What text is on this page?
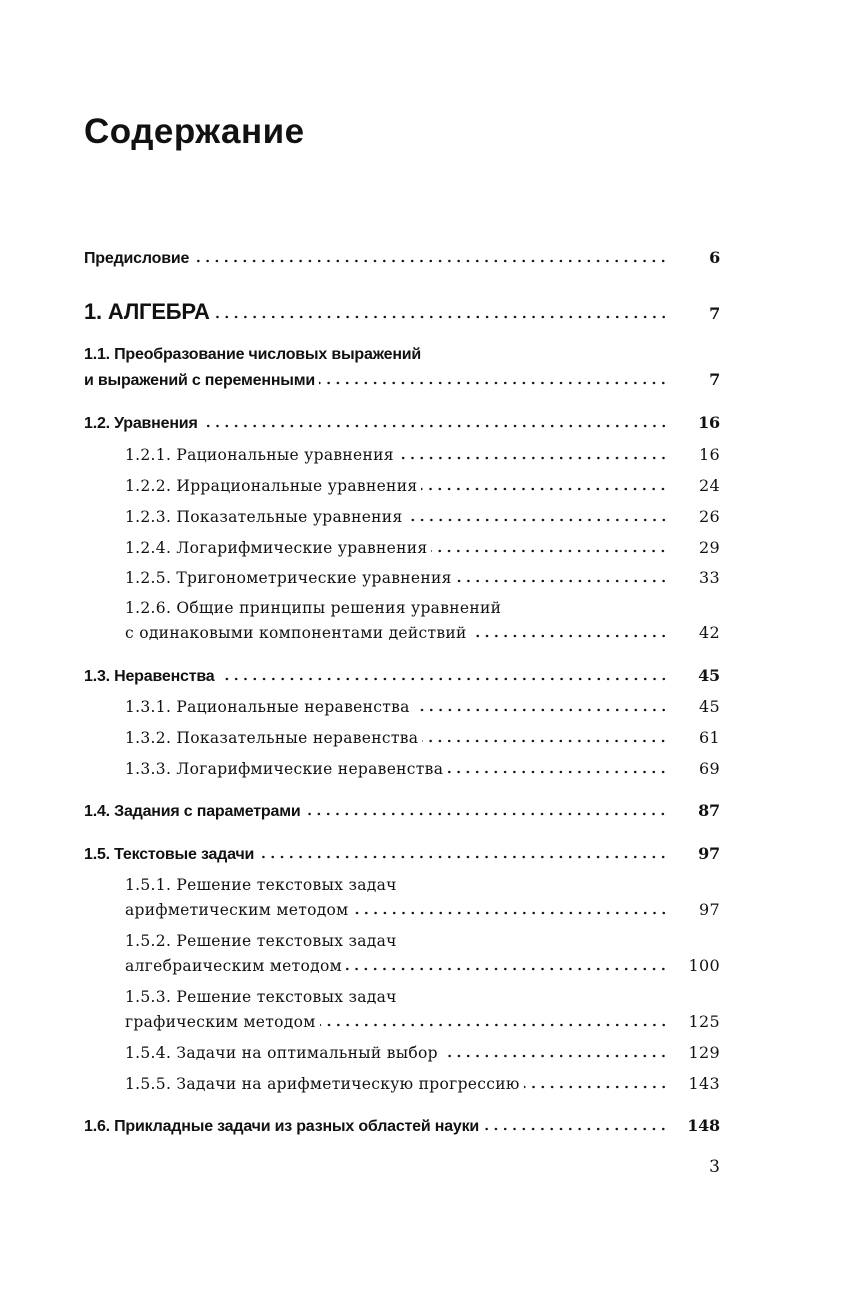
Содержание
Предисловие	6
1. АЛГЕБРА	7
1.1. Преобразование числовых выражений
и выражений с переменными	7
1.2. Уравнения	16
1.2.1. Рациональные уравнения	16
1.2.2. Иррациональные уравнения	24
1.2.3. Показательные уравнения	26
1.2.4. Логарифмические уравнения	29
1.2.5. Тригонометрические уравнения	33
1.2.6. Общие принципы решения уравнений
с одинаковыми компонентами действий	42
1.3. Неравенства	45
1.3.1. Рациональные неравенства	45
1.3.2. Показательные неравенства	61
1.3.3. Логарифмические неравенства	69
1.4. Задания с параметрами	87
1.5. Текстовые задачи	97
1.5.1. Решение текстовых задач
арифметическим методом	97
1.5.2. Решение текстовых задач
алгебраическим методом	100
1.5.3. Решение текстовых задач
графическим методом	125
1.5.4. Задачи на оптимальный выбор	129
1.5.5. Задачи на арифметическую прогрессию	143
1.6. Прикладные задачи из разных областей науки	148
3
